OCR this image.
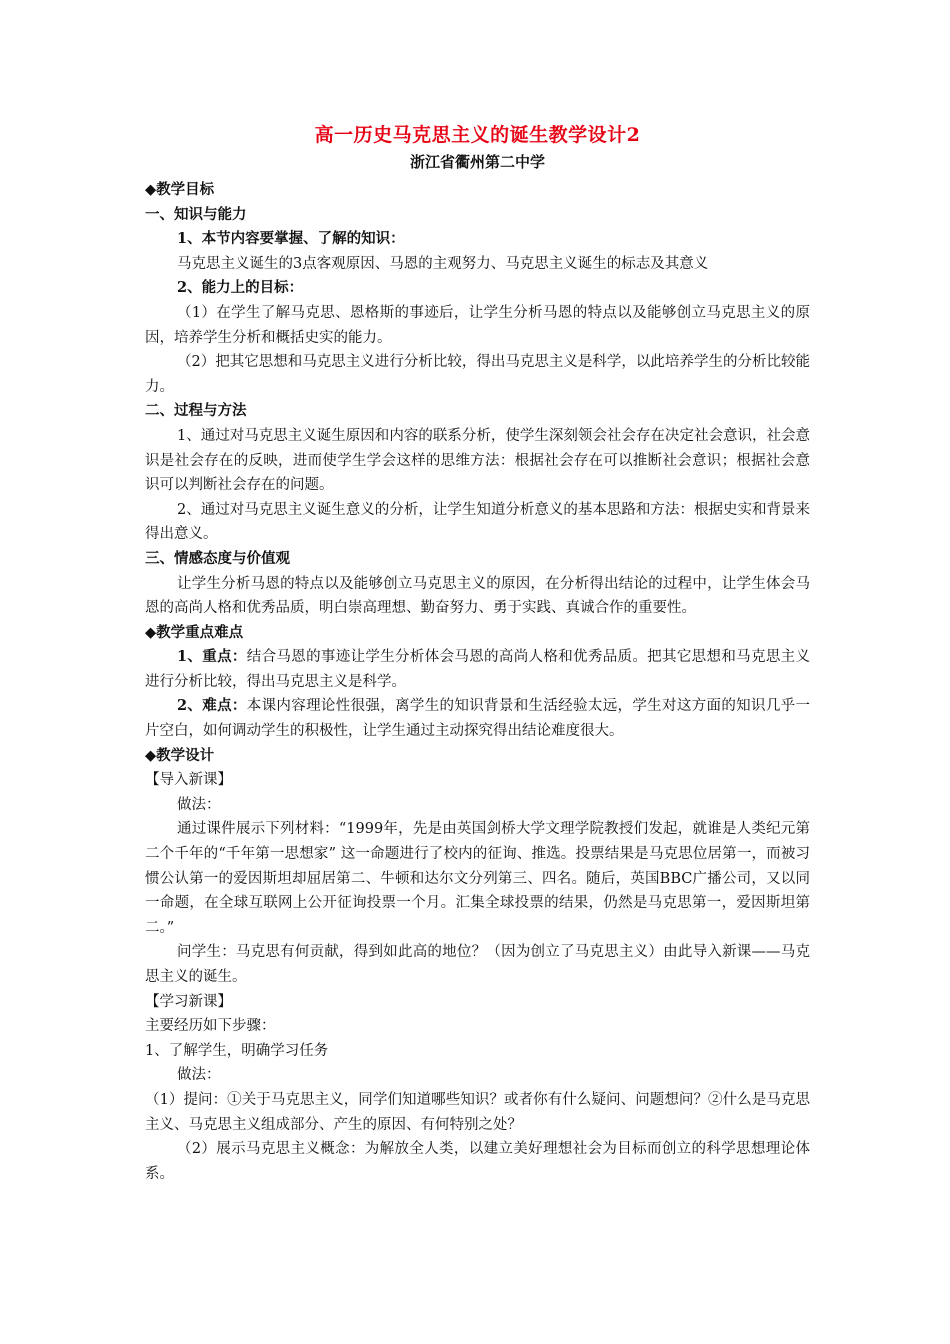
高一历史马克思主义的诞生教学设计2
浙江省衢州第二中学
◆教学目标
一、知识与能力
1、本节内容要掌握、了解的知识：
马克思主义诞生的3点客观原因、马恩的主观努力、马克思主义诞生的标志及其意义
2、能力上的目标：
（1）在学生了解马克思、恩格斯的事迹后，让学生分析马恩的特点以及能够创立马克思主义的原因，培养学生分析和概括史实的能力。
（2）把其它思想和马克思主义进行分析比较，得出马克思主义是科学，以此培养学生的分析比较能力。
二、过程与方法
1、通过对马克思主义诞生原因和内容的联系分析，使学生深刻领会社会存在决定社会意识，社会意识是社会存在的反映，进而使学生学会这样的思维方法：根据社会存在可以推断社会意识；根据社会意识可以判断社会存在的问题。
2、通过对马克思主义诞生意义的分析，让学生知道分析意义的基本思路和方法：根据史实和背景来得出意义。
三、情感态度与价值观
让学生分析马恩的特点以及能够创立马克思主义的原因，在分析得出结论的过程中，让学生体会马恩的高尚人格和优秀品质，明白崇高理想、勤奋努力、勇于实践、真诚合作的重要性。
◆教学重点难点
1、重点：结合马恩的事迹让学生分析体会马恩的高尚人格和优秀品质。把其它思想和马克思主义进行分析比较，得出马克思主义是科学。
2、难点：本课内容理论性很强，离学生的知识背景和生活经验太远，学生对这方面的知识几乎一片空白，如何调动学生的积极性，让学生通过主动探究得出结论难度很大。
◆教学设计
【导入新课】
做法：
通过课件展示下列材料：“1999年，先是由英国剑桥大学文理学院教授们发起，就谁是人类纪元第二个千年的“千年第一思想家” 这一命题进行了校内的征询、推选。投票结果是马克思位居第一，而被习惯公认第一的爱因斯坦却屈居第二、牛顿和达尔文分列第三、四名。随后，英国BBC广播公司，又以同一命题，在全球互联网上公开征询投票一个月。汇集全球投票的结果，仍然是马克思第一，爱因斯坦第二。”
问学生：马克思有何贡献，得到如此高的地位？（因为创立了马克思主义）由此导入新课——马克思主义的诞生。
【学习新课】
主要经历如下步骤：
1、了解学生，明确学习任务
做法：
（1）提问：①关于马克思主义，同学们知道哪些知识？或者你有什么疑问、问题想问？②什么是马克思主义、马克思主义组成部分、产生的原因、有何特别之处？
（2）展示马克思主义概念：为解放全人类，以建立美好理想社会为目标而创立的科学思想理论体系。
